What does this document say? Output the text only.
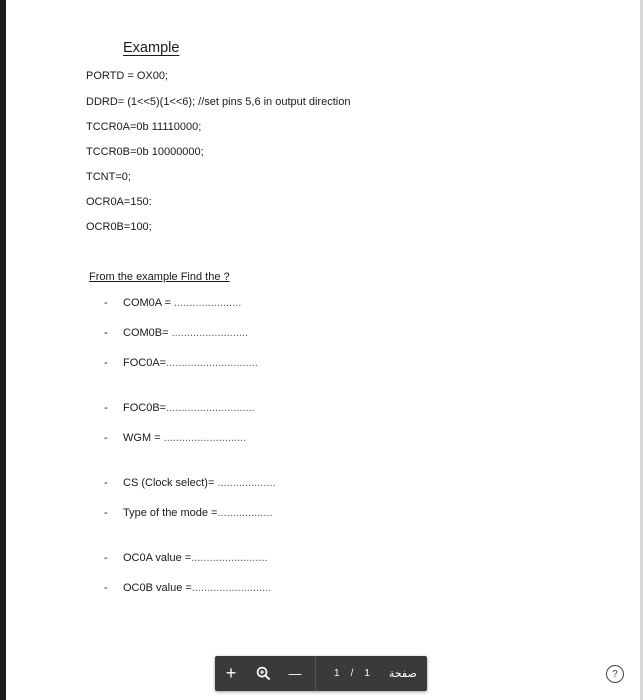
Example
PORTD = OX00;
DDRD= (1<<5)(1<<6); //set pins 5,6 in output direction
TCCR0A=0b 11110000;
TCCR0B=0b 10000000;
TCNT=0;
OCR0A=150:
OCR0B=100;
From the example Find the ?
- COM0A = ......................
- COM0B= .........................
- FOC0A=..............................
- FOC0B=.............................
- WGM = ...........................
- CS (Clock select)= ...................
- Type of the mode =..................
- OC0A value =.........................
- OC0B value =..........................
+	—	1 / 1 صفحة	?
